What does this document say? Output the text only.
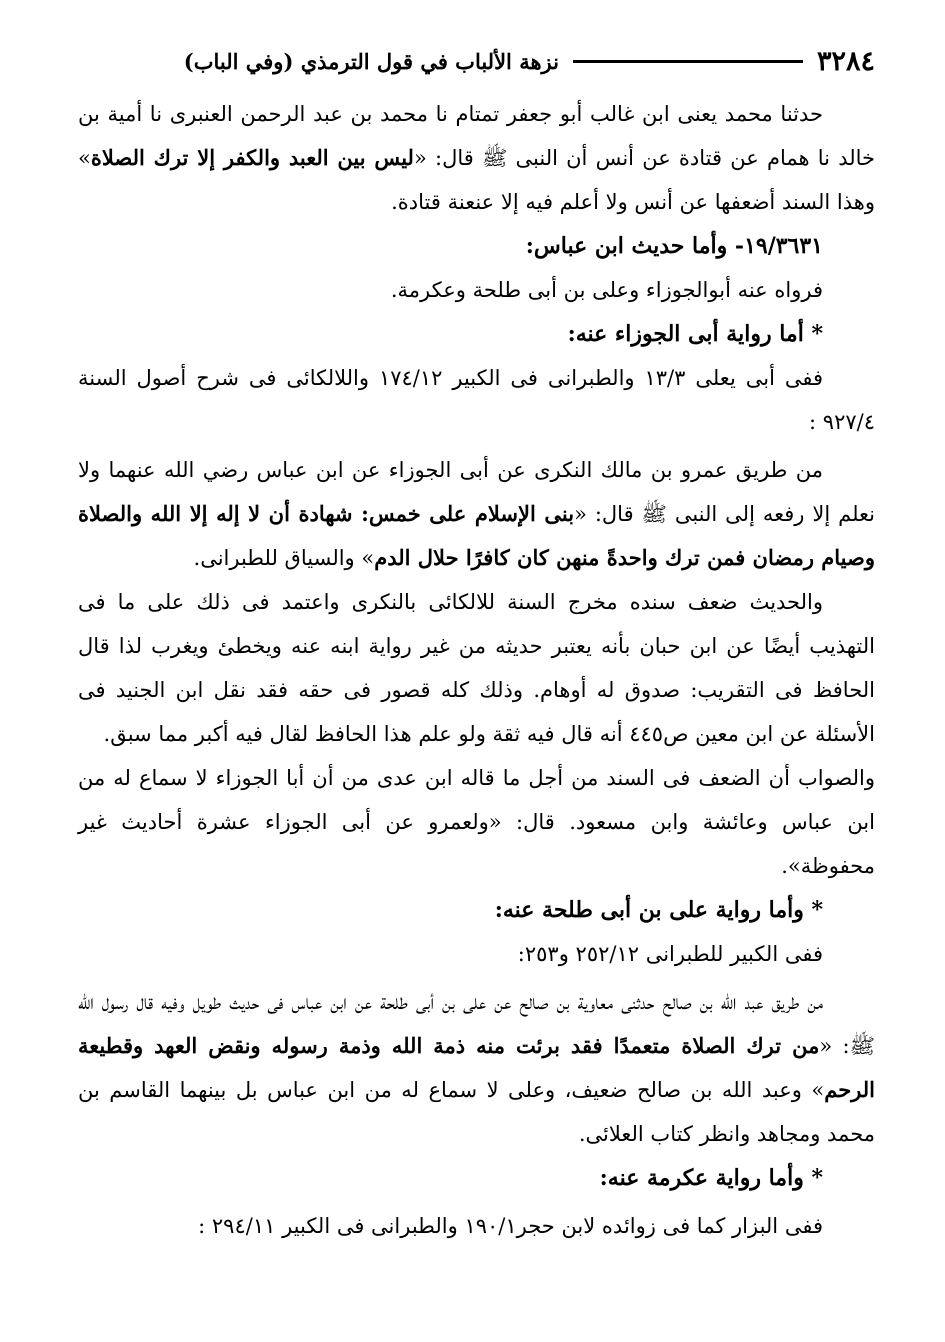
٣٢٨٤
نزهة الألباب في قول الترمذي (وفي الباب)

حدثنا محمد يعنى ابن غالب أبو جعفر تمتام نا محمد بن عبد الرحمن العنبرى نا أمية بن خالد نا همام عن قتادة عن أنس أن النبى ﷺ قال: «ليس بين العبد والكفر إلا ترك الصلاة» وهذا السند أضعفها عن أنس ولا أعلم فيه إلا عنعنة قتادة.

١٩/٣٦٣١- وأما حديث ابن عباس:

فرواه عنه أبوالجوزاء وعلى بن أبى طلحة وعكرمة.

* أما رواية أبى الجوزاء عنه:

ففى أبى يعلى ١٣/٣ والطبرانى فى الكبير ١٧٤/١٢ واللالكائى فى شرح أصول السنة ٩٢٧/٤ :

من طريق عمرو بن مالك النكرى عن أبى الجوزاء عن ابن عباس رضي الله عنهما ولا نعلم إلا رفعه إلى النبى ﷺ قال: «بنى الإسلام على خمس: شهادة أن لا إله إلا الله والصلاة وصيام رمضان فمن ترك واحدةً منهن كان كافرًا حلال الدم» والسياق للطبرانى.

والحديث ضعف سنده مخرج السنة للالكائى بالنكرى واعتمد فى ذلك على ما فى التهذيب أيضًا عن ابن حبان بأنه يعتبر حديثه من غير رواية ابنه عنه ويخطئ ويغرب لذا قال الحافظ فى التقريب: صدوق له أوهام. وذلك كله قصور فى حقه فقد نقل ابن الجنيد فى الأسئلة عن ابن معين ص٤٤٥ أنه قال فيه ثقة ولو علم هذا الحافظ لقال فيه أكبر مما سبق.

والصواب أن الضعف فى السند من أجل ما قاله ابن عدى من أن أبا الجوزاء لا سماع له من ابن عباس وعائشة وابن مسعود. قال: «ولعمرو عن أبى الجوزاء عشرة أحاديث غير محفوظة».

* وأما رواية على بن أبى طلحة عنه:

ففى الكبير للطبرانى ٢٥٢/١٢ و٢٥٣:

من طريق عبد الله بن صالح حدثنى معاوية بن صالح عن على بن أبى طلحة عن ابن عباس فى حديث طويل وفيه قال رسول الله ﷺ: «من ترك الصلاة متعمدًا فقد برئت منه ذمة الله وذمة رسوله ونقض العهد وقطيعة الرحم» وعبد الله بن صالح ضعيف، وعلى لا سماع له من ابن عباس بل بينهما القاسم بن محمد ومجاهد وانظر كتاب العلائى.

* وأما رواية عكرمة عنه:

ففى البزار كما فى زوائده لابن حجر١٩٠/١ والطبرانى فى الكبير ٢٩٤/١١ :
